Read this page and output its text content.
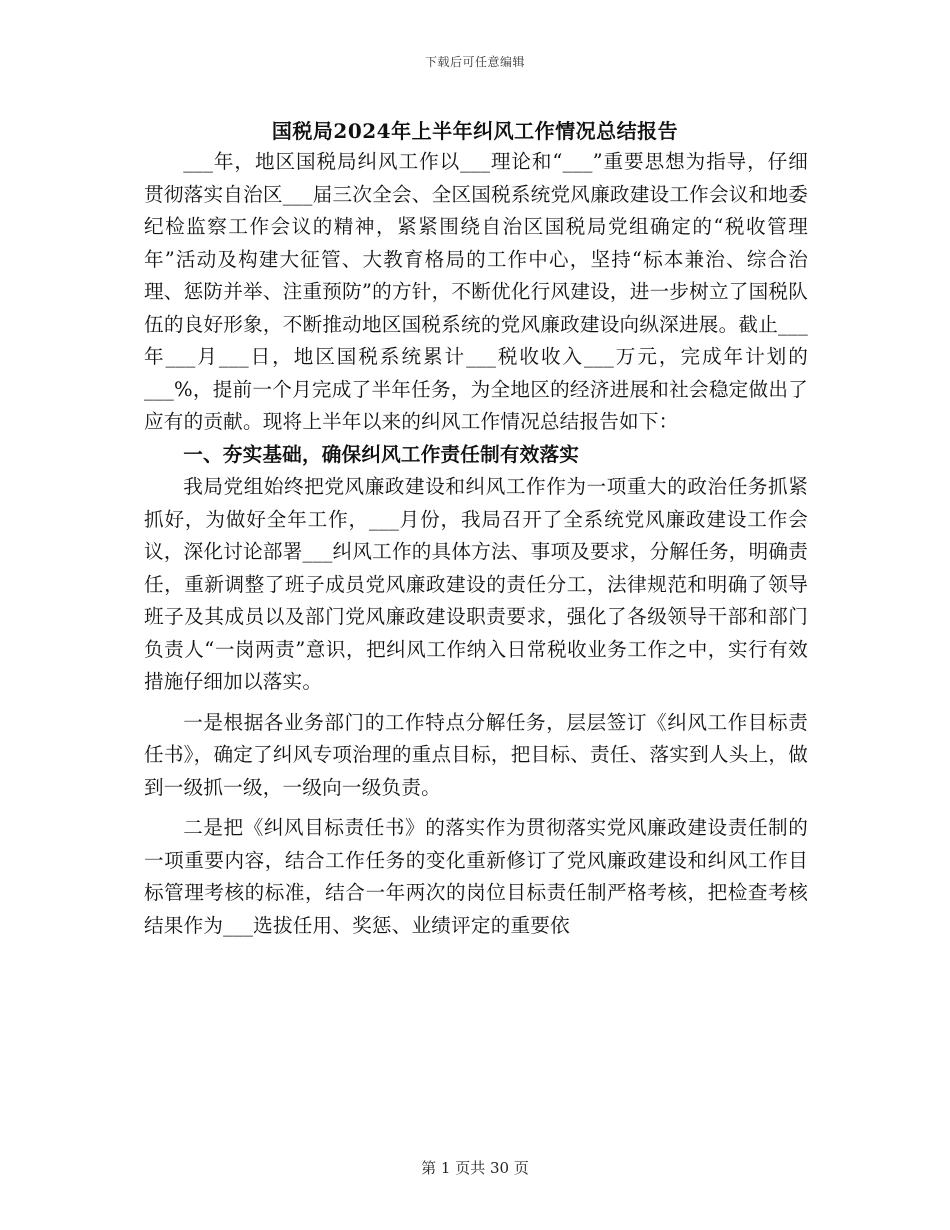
下载后可任意编辑
国税局2024年上半年纠风工作情况总结报告

___年，地区国税局纠风工作以___理论和“___”重要思想为指导，仔细贯彻落实自治区___届三次全会、全区国税系统党风廉政建设工作会议和地委纪检监察工作会议的精神，紧紧围绕自治区国税局党组确定的“税收管理年”活动及构建大征管、大教育格局的工作中心，坚持“标本兼治、综合治理、惩防并举、注重预防”的方针，不断优化行风建设，进一步树立了国税队伍的良好形象，不断推动地区国税系统的党风廉政建设向纵深进展。截止___年___月___日，地区国税系统累计___税收收入___万元，完成年计划的___%，提前一个月完成了半年任务，为全地区的经济进展和社会稳定做出了应有的贡献。现将上半年以来的纠风工作情况总结报告如下：

一、夯实基础，确保纠风工作责任制有效落实

我局党组始终把党风廉政建设和纠风工作作为一项重大的政治任务抓紧抓好，为做好全年工作，___月份，我局召开了全系统党风廉政建设工作会议，深化讨论部署___纠风工作的具体方法、事项及要求，分解任务，明确责任，重新调整了班子成员党风廉政建设的责任分工，法律规范和明确了领导班子及其成员以及部门党风廉政建设职责要求，强化了各级领导干部和部门负责人“一岗两责”意识，把纠风工作纳入日常税收业务工作之中，实行有效措施仔细加以落实。

一是根据各业务部门的工作特点分解任务，层层签订《纠风工作目标责任书》，确定了纠风专项治理的重点目标，把目标、责任、落实到人头上，做到一级抓一级，一级向一级负责。

二是把《纠风目标责任书》的落实作为贯彻落实党风廉政建设责任制的一项重要内容，结合工作任务的变化重新修订了党风廉政建设和纠风工作目标管理考核的标准，结合一年两次的岗位目标责任制严格考核，把检查考核结果作为___选拔任用、奖惩、业绩评定的重要依

第 1 页共 30 页
